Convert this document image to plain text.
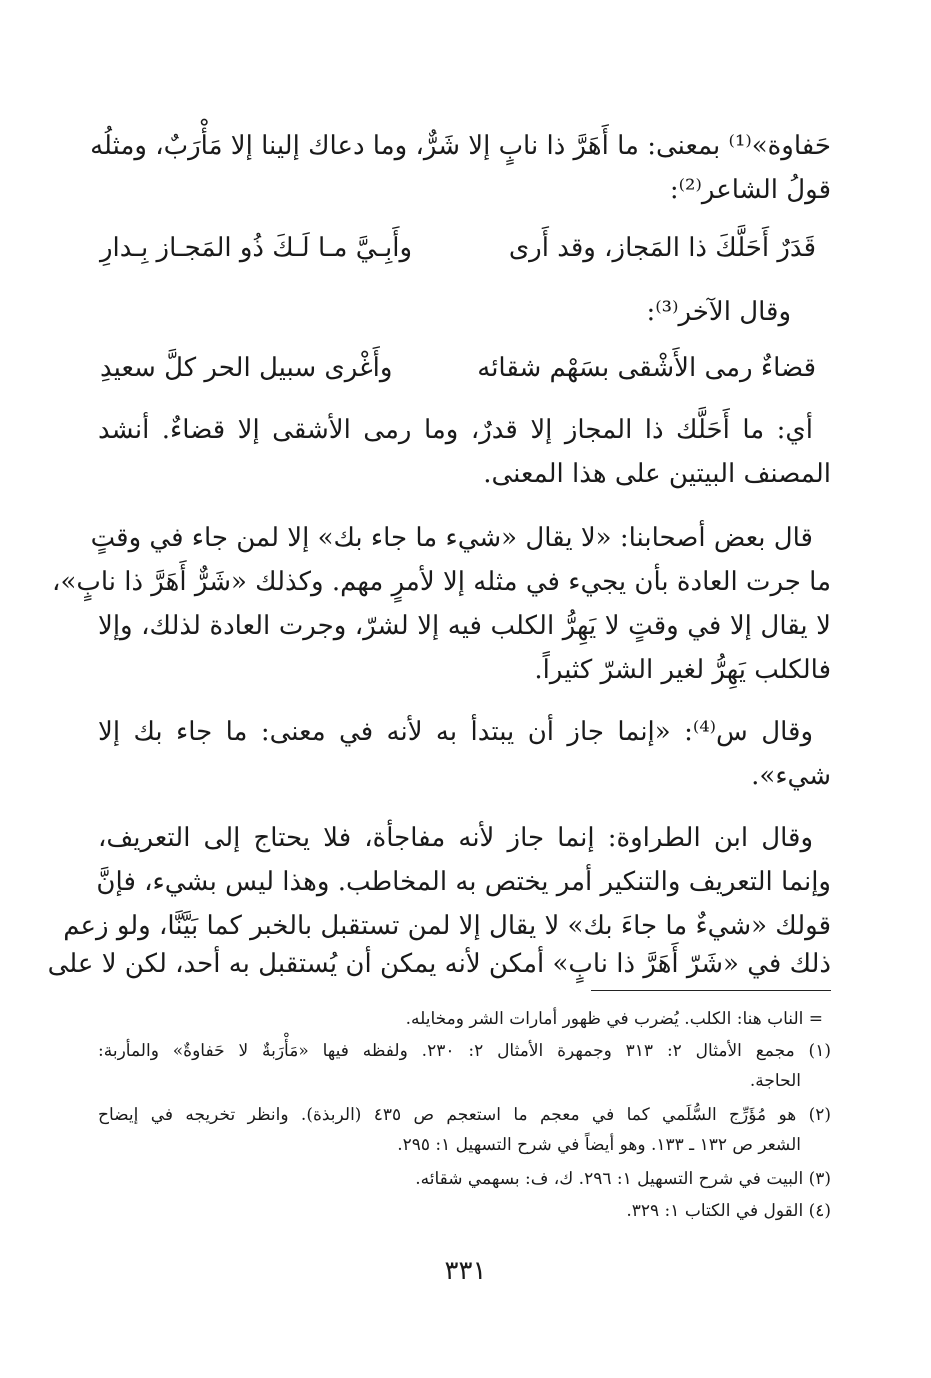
حَفاوة»⁽¹⁾ بمعنى: ما أَهَرَّ ذا نابٍ إلا شَرٌّ، وما دعاك إلينا إلا مَأْرَبٌ، ومثلُه
قولُ الشاعر⁽²⁾:
قَدَرٌ أَحَلَّكَ ذا المَجاز، وقد أَرى
وأَبِـيَّ مـا لَـكَ ذُو المَجـاز بِـدارِ
وقال الآخر⁽³⁾:
قضاءٌ رمى الأَشْقى بسَهْم شقائه
وأَغْرى سبيل الحر كلَّ سعيدِ
أي: ما أَحَلَّك ذا المجاز إلا قدرٌ، وما رمى الأشقى إلا قضاءٌ. أنشد
المصنف البيتين على هذا المعنى.
قال بعض أصحابنا: «لا يقال «شيء ما جاء بك» إلا لمن جاء في وقتٍ
ما جرت العادة بأن يجيء في مثله إلا لأمرٍ مهم. وكذلك «شَرٌّ أَهَرَّ ذا نابٍ»،
لا يقال إلا في وقتٍ لا يَهِرُّ الكلب فيه إلا لشرّ، وجرت العادة لذلك، وإلا
فالكلب يَهِرُّ لغير الشرّ كثيراً.
وقال س⁽⁴⁾: «إنما جاز أن يبتدأ به لأنه في معنى: ما جاء بك إلا
شيء».
وقال ابن الطراوة: إنما جاز لأنه مفاجأة، فلا يحتاج إلى التعريف،
وإنما التعريف والتنكير أمر يختص به المخاطب. وهذا ليس بشيء، فإنَّ
قولك «شيءٌ ما جاءَ بك» لا يقال إلا لمن تستقبل بالخبر كما بَيَّنَّا، ولو زعم
ذلك في «شَرّ أَهَرَّ ذا نابٍ» أمكن لأنه يمكن أن يُستقبل به أحد، لكن لا على
= الناب هنا: الكلب. يُضرب في ظهور أمارات الشر ومخايله.
(١) مجمع الأمثال ٢: ٣١٣ وجمهرة الأمثال ٢: ٢٣٠. ولفظه فيها «مَأْرَبةٌ لا حَفاوةٌ» والمأربة:
الحاجة.
(٢) هو مُؤَرِّج السُّلَمي كما في معجم ما استعجم ص ٤٣٥ (الربذة). وانظر تخريجه في إيضاح
الشعر ص ١٣٢ ـ ١٣٣. وهو أيضاً في شرح التسهيل ١: ٢٩٥.
(٣) البيت في شرح التسهيل ١: ٢٩٦. ك، ف: بسهمي شقائه.
(٤) القول في الكتاب ١: ٣٢٩.
٣٣١
